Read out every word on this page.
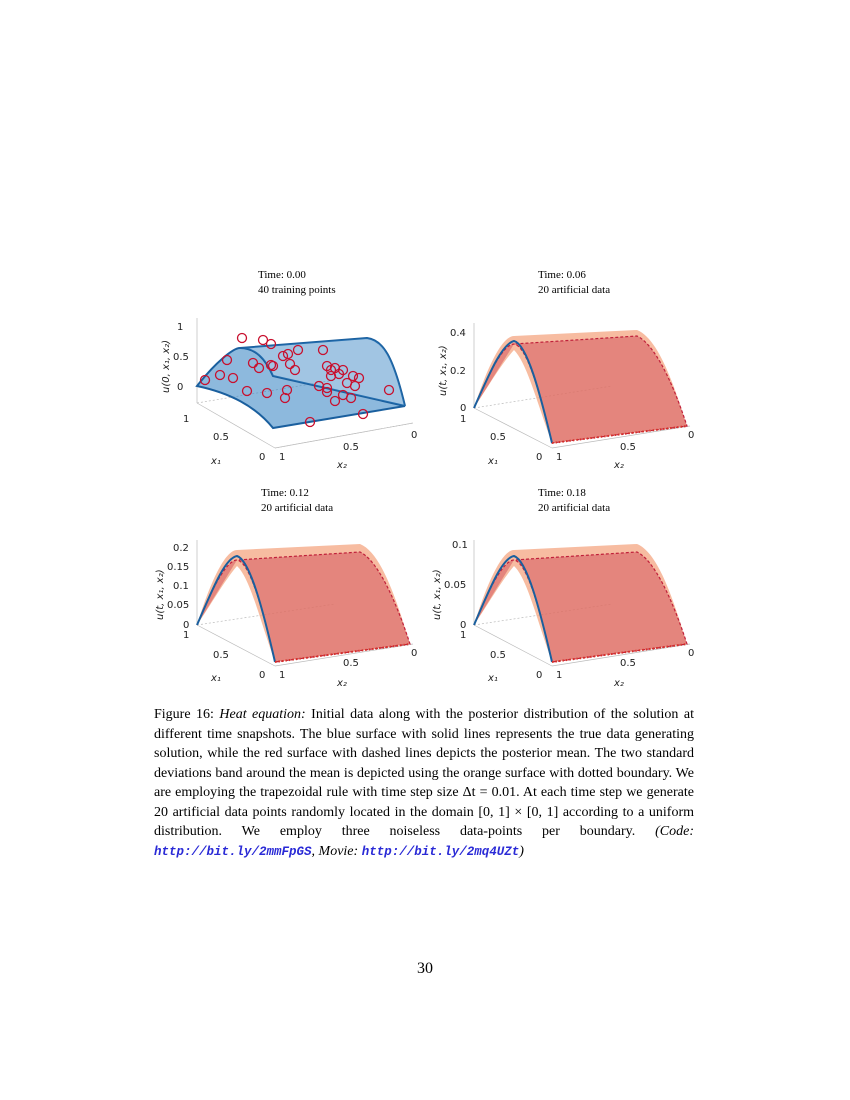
Time: 0.00
40 training points
1
0.5
0
u(0, x₁, x₂)
1
0.5
0
x₁	1
0.5
0
x₂
Time: 0.06
20 artificial data
0.4
0.2
0
u(t, x₁, x₂)
1
0.5
0
x₁	1
0.5
0
x₂
Time: 0.12
20 artificial data
0.2
0.15
0.1
0.05
0
u(t, x₁, x₂)
1
0.5
0
x₁	1
0.5
0
x₂
Time: 0.18
20 artificial data
0.1
0.05
0
u(t, x₁, x₂)
1
0.5
0
x₁	1
0.5
0
x₂
Figure 16: Heat equation: Initial data along with the posterior distribution of the solution at different time snapshots. The blue surface with solid lines represents the true data generating solution, while the red surface with dashed lines depicts the posterior mean. The two standard deviations band around the mean is depicted using the orange surface with dotted boundary. We are employing the trapezoidal rule with time step size Δt = 0.01. At each time step we generate 20 artificial data points randomly located in the domain [0, 1] × [0, 1] according to a uniform distribution. We employ three noiseless data-points per boundary. (Code: http://bit.ly/2mmFpGS, Movie: http://bit.ly/2mq4UZt)
30
